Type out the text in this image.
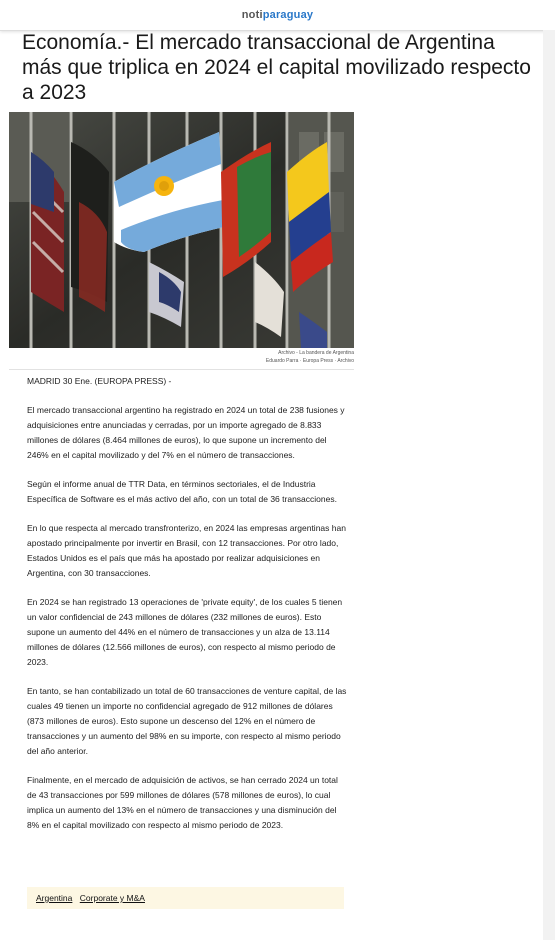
notiparaguay
Economía.- El mercado transaccional de Argentina más que triplica en 2024 el capital movilizado respecto a 2023
Archivo - La bandera de Argentina
Eduardo Parra · Europa Press · Archivo

MADRID 30 Ene. (EUROPA PRESS) -

El mercado transaccional argentino ha registrado en 2024 un total de 238 fusiones y adquisiciones entre anunciadas y cerradas, por un importe agregado de 8.833 millones de dólares (8.464 millones de euros), lo que supone un incremento del 246% en el capital movilizado y del 7% en el número de transacciones.

Según el informe anual de TTR Data, en términos sectoriales, el de Industria Específica de Software es el más activo del año, con un total de 36 transacciones.

En lo que respecta al mercado transfronterizo, en 2024 las empresas argentinas han apostado principalmente por invertir en Brasil, con 12 transacciones. Por otro lado, Estados Unidos es el país que más ha apostado por realizar adquisiciones en Argentina, con 30 transacciones.

En 2024 se han registrado 13 operaciones de 'private equity', de los cuales 5 tienen un valor confidencial de 243 millones de dólares (232 millones de euros). Esto supone un aumento del 44% en el número de transacciones y un alza de 13.114 millones de dólares (12.566 millones de euros), con respecto al mismo periodo de 2023.

En tanto, se han contabilizado un total de 60 transacciones de venture capital, de las cuales 49 tienen un importe no confidencial agregado de 912 millones de dólares (873 millones de euros). Esto supone un descenso del 12% en el número de transacciones y un aumento del 98% en su importe, con respecto al mismo periodo del año anterior.

Finalmente, en el mercado de adquisición de activos, se han cerrado 2024 un total de 43 transacciones por 599 millones de dólares (578 millones de euros), lo cual implica un aumento del 13% en el número de transacciones y una disminución del 8% en el capital movilizado con respecto al mismo periodo de 2023.

Argentina Corporate y M&A
